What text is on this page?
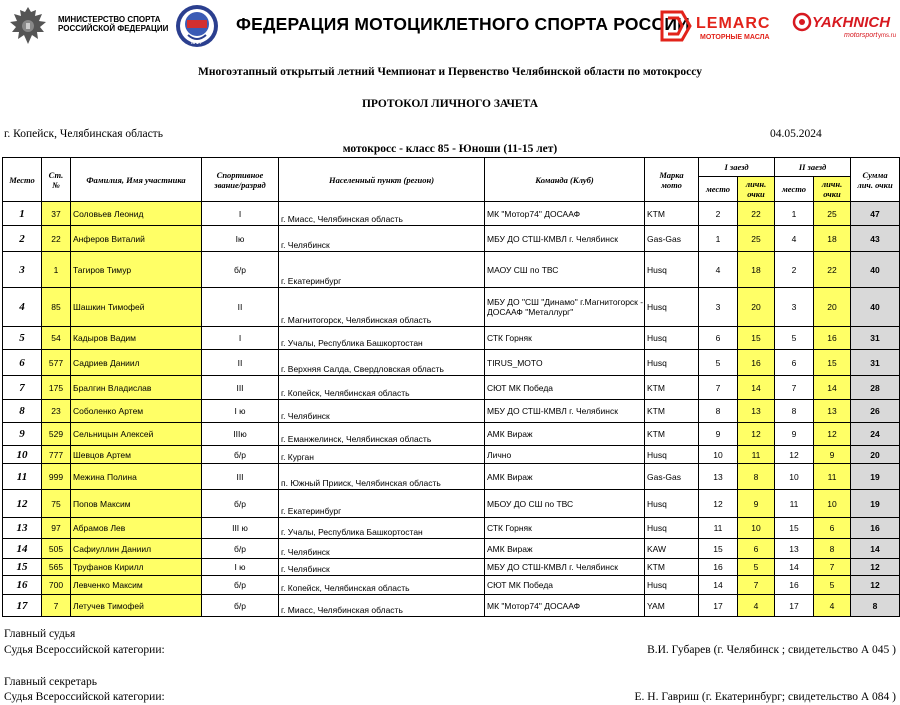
МИНИСТЕРСТВО СПОРТА
РОССИЙСКОЙ ФЕДЕРАЦИИ
МФР
ФЕДЕРАЦИЯ МОТОЦИКЛЕТНОГО СПОРТА РОССИИ LEMARC
МОТОРНЫЕ МАСЛА
YAKHNICH
motorsport yms.ru
Многоэтапный открытый летний Чемпионат и Первенство Челябинской области по мотокроссу
ПРОТОКОЛ ЛИЧНОГО ЗАЧЕТА
г. Копейск, Челябинская область	04.05.2024
мотокросс - класс 85 - Юноши (11-15 лет)
Место	Ст.
№	Фамилия, Имя участника	Спортивное
звание/разряд	Населенный пункт (регион)	Команда (Клуб)	Марка
мото	I заезд		II заезд		Сумма
лич. очки
							место	личн.
очки	место	личн.
очки	
1	37	Соловьев Леонид	I	г. Миасс, Челябинская область	МК "Мотор74" ДОСААФ	KTM	2	22	1	25	47
2	22	Анферов Виталий	Iю	г. Челябинск	МБУ ДО СТШ-КМВЛ г. Челябинск	Gas-Gas	1	25	4	18	43
3	1	Тагиров Тимур	б/р	г. Екатеринбург	МАОУ СШ по ТВС	Husq	4	18	2	22	40
4	85	Шашкин Тимофей	II	г. Магнитогорск, Челябинская область	МБУ ДО "СШ "Динамо" г.Магнитогорск - ДОСААФ "Металлург"	Husq	3	20	3	20	40
5	54	Кадыров Вадим	I	г. Учалы, Республика Башкортостан	СТК Горняк	Husq	6	15	5	16	31
6	577	Садриев Даниил	II	г. Верхняя Салда, Свердловская область	TIRUS_MOTO	Husq	5	16	6	15	31
7	175	Бралгин Владислав	III	г. Копейск, Челябинская область	СЮТ МК Победа	KTM	7	14	7	14	28
8	23	Соболенко Артем	I ю	г. Челябинск	МБУ ДО СТШ-КМВЛ г. Челябинск	KTM	8	13	8	13	26
9	529	Сельницын Алексей	IIIю	г. Еманжелинск, Челябинская область	АМК Вираж	KTM	9	12	9	12	24
10	777	Шевцов Артем	б/р	г. Курган	Лично	Husq	10	11	12	9	20
11	999	Межина Полина	III	п. Южный Прииск, Челябинская область	АМК Вираж	Gas-Gas	13	8	10	11	19
12	75	Попов Максим	б/р	г. Екатеринбург	МБОУ ДО СШ по ТВС	Husq	12	9	11	10	19
13	97	Абрамов Лев	III ю	г. Учалы, Республика Башкортостан	СТК Горняк	Husq	11	10	15	6	16
14	505	Сафиуллин Даниил	б/р	г. Челябинск	АМК Вираж	KAW	15	6	13	8	14
15	565	Труфанов Кирилл	I ю	г. Челябинск	МБУ ДО СТШ-КМВЛ г. Челябинск	KTM	16	5	14	7	12
16	700	Левченко Максим	б/р	г. Копейск, Челябинская область	СЮТ МК Победа	Husq	14	7	16	5	12
17	7	Летучев Тимофей	б/р	г. Миасс, Челябинская область	МК "Мотор74" ДОСААФ	YAM	17	4	17	4	8
Главный судья
Судья Всероссийской категории:	В.И. Губарев (г. Челябинск ; свидетельство А 045 )
Главный секретарь
Судья Всероссийской категории:	Е. Н. Гавриш (г. Екатеринбург; свидетельство А 084 )
